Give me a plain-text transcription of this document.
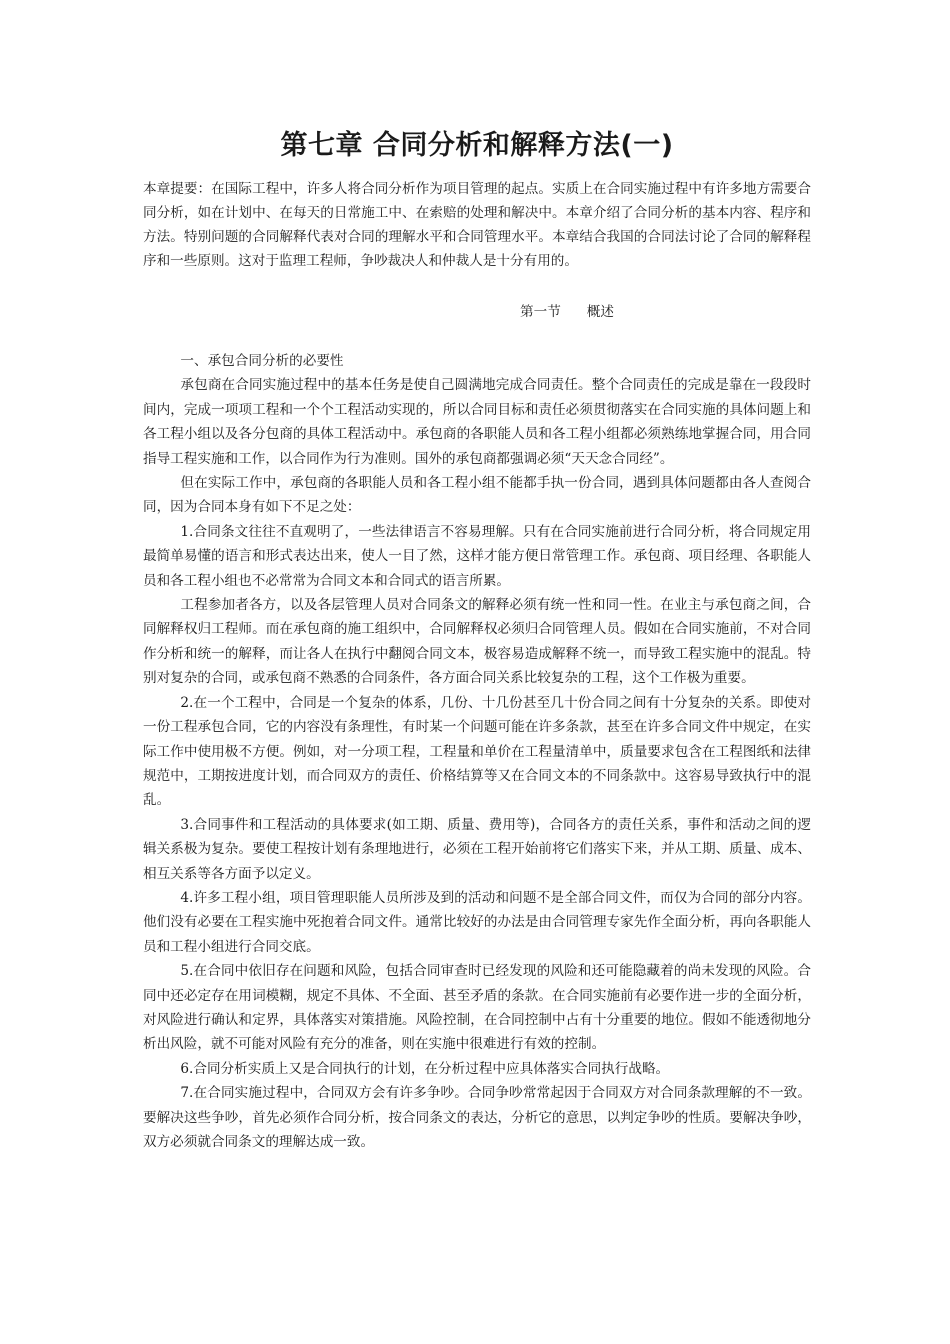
第七章 合同分析和解释方法(一)
本章提要：在国际工程中，许多人将合同分析作为项目管理的起点。实质上在合同实施过程中有许多地方需要合同分析，如在计划中、在每天的日常施工中、在索赔的处理和解决中。本章介绍了合同分析的基本内容、程序和方法。特别问题的合同解释代表对合同的理解水平和合同管理水平。本章结合我国的合同法讨论了合同的解释程序和一些原则。这对于监理工程师，争吵裁决人和仲裁人是十分有用的。
第一节      概述

一、承包合同分析的必要性

承包商在合同实施过程中的基本任务是使自己圆满地完成合同责任。整个合同责任的完成是靠在一段段时间内，完成一项项工程和一个个工程活动实现的，所以合同目标和责任必须贯彻落实在合同实施的具体问题上和各工程小组以及各分包商的具体工程活动中。承包商的各职能人员和各工程小组都必须熟练地掌握合同，用合同指导工程实施和工作，以合同作为行为准则。国外的承包商都强调必须“天天念合同经”。

但在实际工作中，承包商的各职能人员和各工程小组不能都手执一份合同，遇到具体问题都由各人查阅合同，因为合同本身有如下不足之处：

1.合同条文往往不直观明了，一些法律语言不容易理解。只有在合同实施前进行合同分析，将合同规定用最简单易懂的语言和形式表达出来，使人一目了然，这样才能方便日常管理工作。承包商、项目经理、各职能人员和各工程小组也不必常常为合同文本和合同式的语言所累。

工程参加者各方，以及各层管理人员对合同条文的解释必须有统一性和同一性。在业主与承包商之间，合同解释权归工程师。而在承包商的施工组织中，合同解释权必须归合同管理人员。假如在合同实施前，不对合同作分析和统一的解释，而让各人在执行中翻阅合同文本，极容易造成解释不统一，而导致工程实施中的混乱。特别对复杂的合同，或承包商不熟悉的合同条件，各方面合同关系比较复杂的工程，这个工作极为重要。

2.在一个工程中，合同是一个复杂的体系，几份、十几份甚至几十份合同之间有十分复杂的关系。即使对一份工程承包合同，它的内容没有条理性，有时某一个问题可能在许多条款，甚至在许多合同文件中规定，在实际工作中使用极不方便。例如，对一分项工程，工程量和单价在工程量清单中，质量要求包含在工程图纸和法律规范中，工期按进度计划，而合同双方的责任、价格结算等又在合同文本的不同条款中。这容易导致执行中的混乱。

3.合同事件和工程活动的具体要求(如工期、质量、费用等)，合同各方的责任关系，事件和活动之间的逻辑关系极为复杂。要使工程按计划有条理地进行，必须在工程开始前将它们落实下来，并从工期、质量、成本、相互关系等各方面予以定义。

4.许多工程小组，项目管理职能人员所涉及到的活动和问题不是全部合同文件，而仅为合同的部分内容。他们没有必要在工程实施中死抱着合同文件。通常比较好的办法是由合同管理专家先作全面分析，再向各职能人员和工程小组进行合同交底。

5.在合同中依旧存在问题和风险，包括合同审查时已经发现的风险和还可能隐藏着的尚未发现的风险。合同中还必定存在用词模糊，规定不具体、不全面、甚至矛盾的条款。在合同实施前有必要作进一步的全面分析，对风险进行确认和定界，具体落实对策措施。风险控制，在合同控制中占有十分重要的地位。假如不能透彻地分析出风险，就不可能对风险有充分的准备，则在实施中很难进行有效的控制。

6.合同分析实质上又是合同执行的计划，在分析过程中应具体落实合同执行战略。

7.在合同实施过程中，合同双方会有许多争吵。合同争吵常常起因于合同双方对合同条款理解的不一致。要解决这些争吵，首先必须作合同分析，按合同条文的表达，分析它的意思，以判定争吵的性质。要解决争吵，双方必须就合同条文的理解达成一致。
